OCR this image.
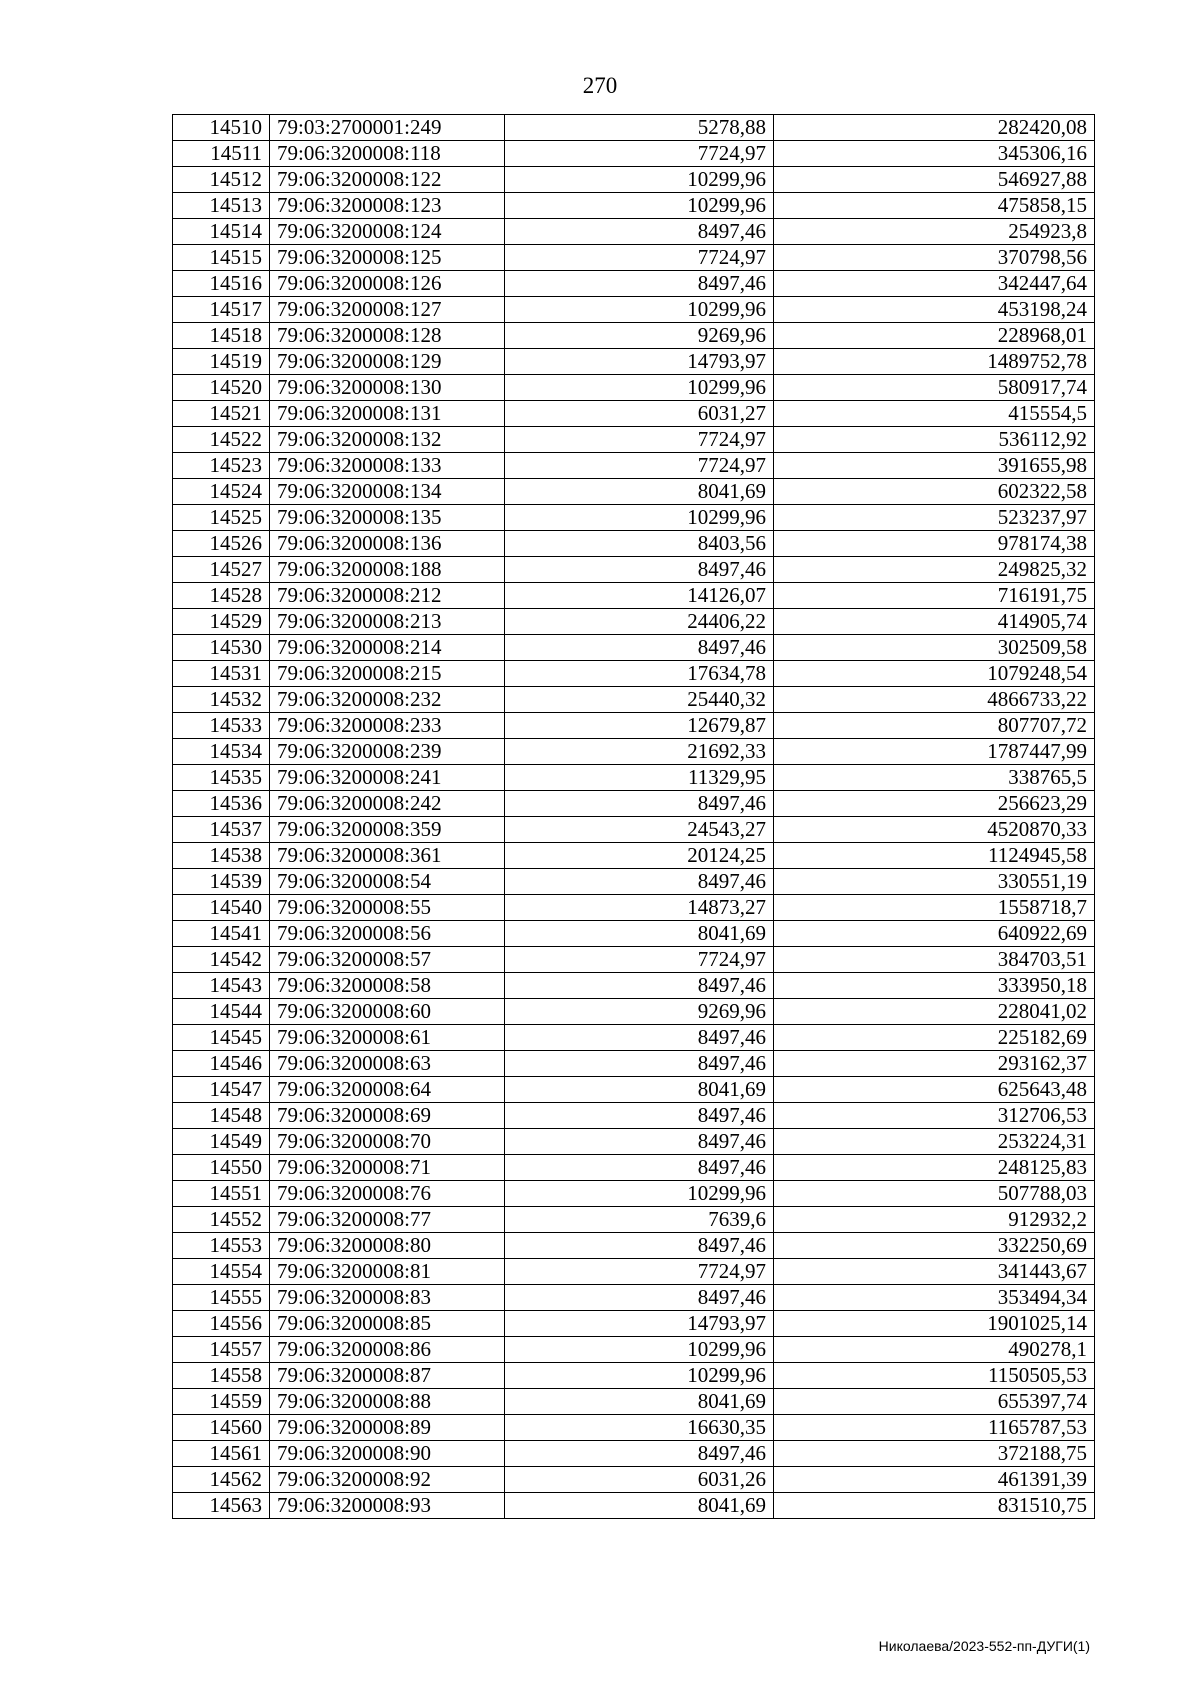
270
14510	79:03:2700001:249	5278,88	282420,08
14511	79:06:3200008:118	7724,97	345306,16
14512	79:06:3200008:122	10299,96	546927,88
14513	79:06:3200008:123	10299,96	475858,15
14514	79:06:3200008:124	8497,46	254923,8
14515	79:06:3200008:125	7724,97	370798,56
14516	79:06:3200008:126	8497,46	342447,64
14517	79:06:3200008:127	10299,96	453198,24
14518	79:06:3200008:128	9269,96	228968,01
14519	79:06:3200008:129	14793,97	1489752,78
14520	79:06:3200008:130	10299,96	580917,74
14521	79:06:3200008:131	6031,27	415554,5
14522	79:06:3200008:132	7724,97	536112,92
14523	79:06:3200008:133	7724,97	391655,98
14524	79:06:3200008:134	8041,69	602322,58
14525	79:06:3200008:135	10299,96	523237,97
14526	79:06:3200008:136	8403,56	978174,38
14527	79:06:3200008:188	8497,46	249825,32
14528	79:06:3200008:212	14126,07	716191,75
14529	79:06:3200008:213	24406,22	414905,74
14530	79:06:3200008:214	8497,46	302509,58
14531	79:06:3200008:215	17634,78	1079248,54
14532	79:06:3200008:232	25440,32	4866733,22
14533	79:06:3200008:233	12679,87	807707,72
14534	79:06:3200008:239	21692,33	1787447,99
14535	79:06:3200008:241	11329,95	338765,5
14536	79:06:3200008:242	8497,46	256623,29
14537	79:06:3200008:359	24543,27	4520870,33
14538	79:06:3200008:361	20124,25	1124945,58
14539	79:06:3200008:54	8497,46	330551,19
14540	79:06:3200008:55	14873,27	1558718,7
14541	79:06:3200008:56	8041,69	640922,69
14542	79:06:3200008:57	7724,97	384703,51
14543	79:06:3200008:58	8497,46	333950,18
14544	79:06:3200008:60	9269,96	228041,02
14545	79:06:3200008:61	8497,46	225182,69
14546	79:06:3200008:63	8497,46	293162,37
14547	79:06:3200008:64	8041,69	625643,48
14548	79:06:3200008:69	8497,46	312706,53
14549	79:06:3200008:70	8497,46	253224,31
14550	79:06:3200008:71	8497,46	248125,83
14551	79:06:3200008:76	10299,96	507788,03
14552	79:06:3200008:77	7639,6	912932,2
14553	79:06:3200008:80	8497,46	332250,69
14554	79:06:3200008:81	7724,97	341443,67
14555	79:06:3200008:83	8497,46	353494,34
14556	79:06:3200008:85	14793,97	1901025,14
14557	79:06:3200008:86	10299,96	490278,1
14558	79:06:3200008:87	10299,96	1150505,53
14559	79:06:3200008:88	8041,69	655397,74
14560	79:06:3200008:89	16630,35	1165787,53
14561	79:06:3200008:90	8497,46	372188,75
14562	79:06:3200008:92	6031,26	461391,39
14563	79:06:3200008:93	8041,69	831510,75
Николаева/2023-552-пп-ДУГИ(1)
